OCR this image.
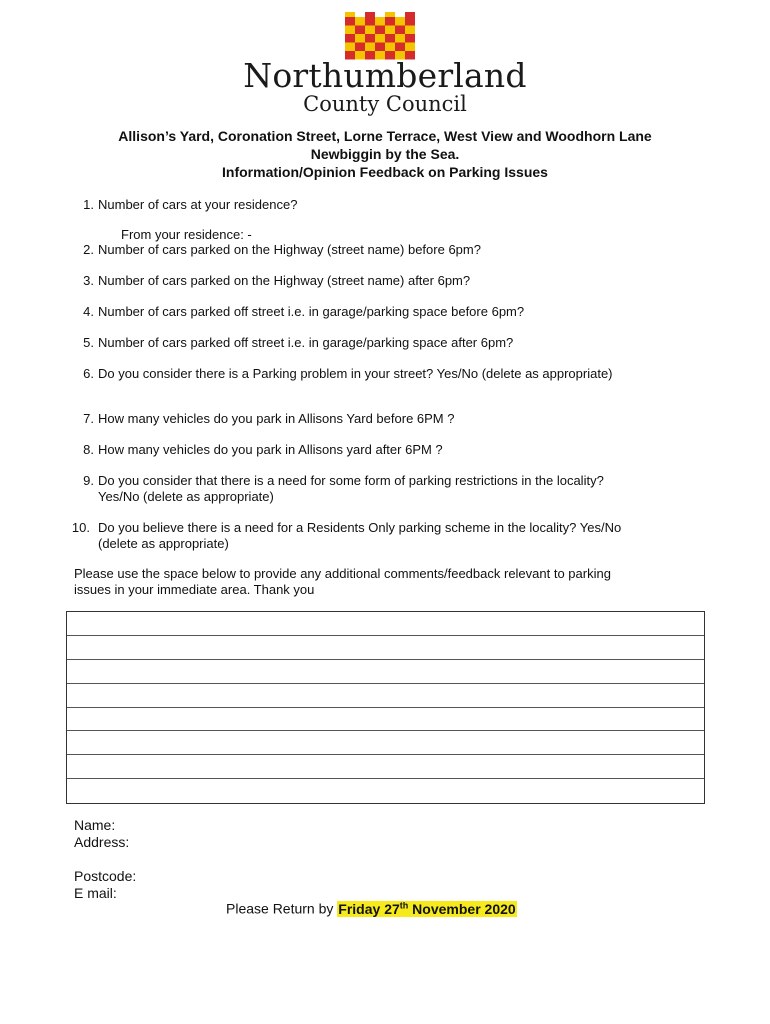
Northumberland
County Council
Allison’s Yard, Coronation Street, Lorne Terrace, West View and Woodhorn Lane
Newbiggin by the Sea.
Information/Opinion Feedback on Parking Issues
1. Number of cars at your residence?
From your residence: -
2. Number of cars parked on the Highway (street name) before 6pm?
3. Number of cars parked on the Highway (street name) after 6pm?
4. Number of cars parked off street i.e. in garage/parking space before 6pm?
5. Number of cars parked off street i.e. in garage/parking space after 6pm?
6. Do you consider there is a Parking problem in your street? Yes/No (delete as appropriate)
7. How many vehicles do you park in Allisons Yard before 6PM ?
8. How many vehicles do you park in Allisons yard after 6PM ?
9. Do you consider that there is a need for some form of parking restrictions in the locality?
Yes/No (delete as appropriate)
10. Do you believe there is a need for a Residents Only parking scheme in the locality? Yes/No
(delete as appropriate)
Please use the space below to provide any additional comments/feedback relevant to parking
issues in your immediate area. Thank you
Name:
Address:
Postcode:
E mail:
Please Return by Friday 27th November 2020
